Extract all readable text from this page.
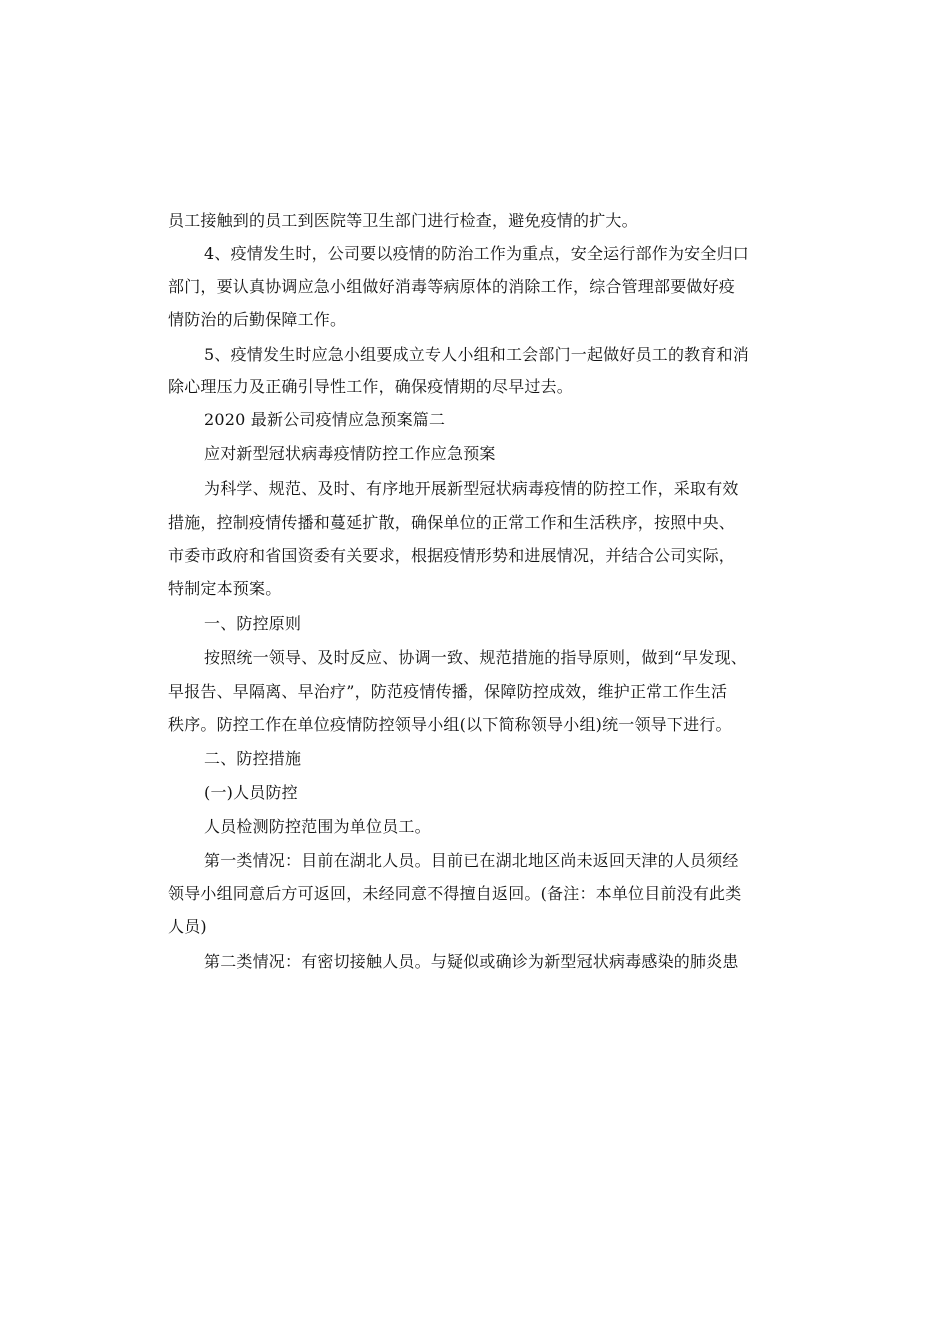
员工接触到的员工到医院等卫生部门进行检查，避免疫情的扩大。
4、疫情发生时，公司要以疫情的防治工作为重点，安全运行部作为安全归口
部门，要认真协调应急小组做好消毒等病原体的消除工作，综合管理部要做好疫
情防治的后勤保障工作。
5、疫情发生时应急小组要成立专人小组和工会部门一起做好员工的教育和消
除心理压力及正确引导性工作，确保疫情期的尽早过去。
2020 最新公司疫情应急预案篇二
应对新型冠状病毒疫情防控工作应急预案
为科学、规范、及时、有序地开展新型冠状病毒疫情的防控工作，采取有效
措施，控制疫情传播和蔓延扩散，确保单位的正常工作和生活秩序，按照中央、
市委市政府和省国资委有关要求，根据疫情形势和进展情况，并结合公司实际，
特制定本预案。
一、防控原则
按照统一领导、及时反应、协调一致、规范措施的指导原则，做到“早发现、
早报告、早隔离、早治疗”，防范疫情传播，保障防控成效，维护正常工作生活
秩序。防控工作在单位疫情防控领导小组(以下简称领导小组)统一领导下进行。
二、防控措施
(一)人员防控
人员检测防控范围为单位员工。
第一类情况：目前在湖北人员。目前已在湖北地区尚未返回天津的人员须经
领导小组同意后方可返回，未经同意不得擅自返回。(备注：本单位目前没有此类
人员)
第二类情况：有密切接触人员。与疑似或确诊为新型冠状病毒感染的肺炎患
